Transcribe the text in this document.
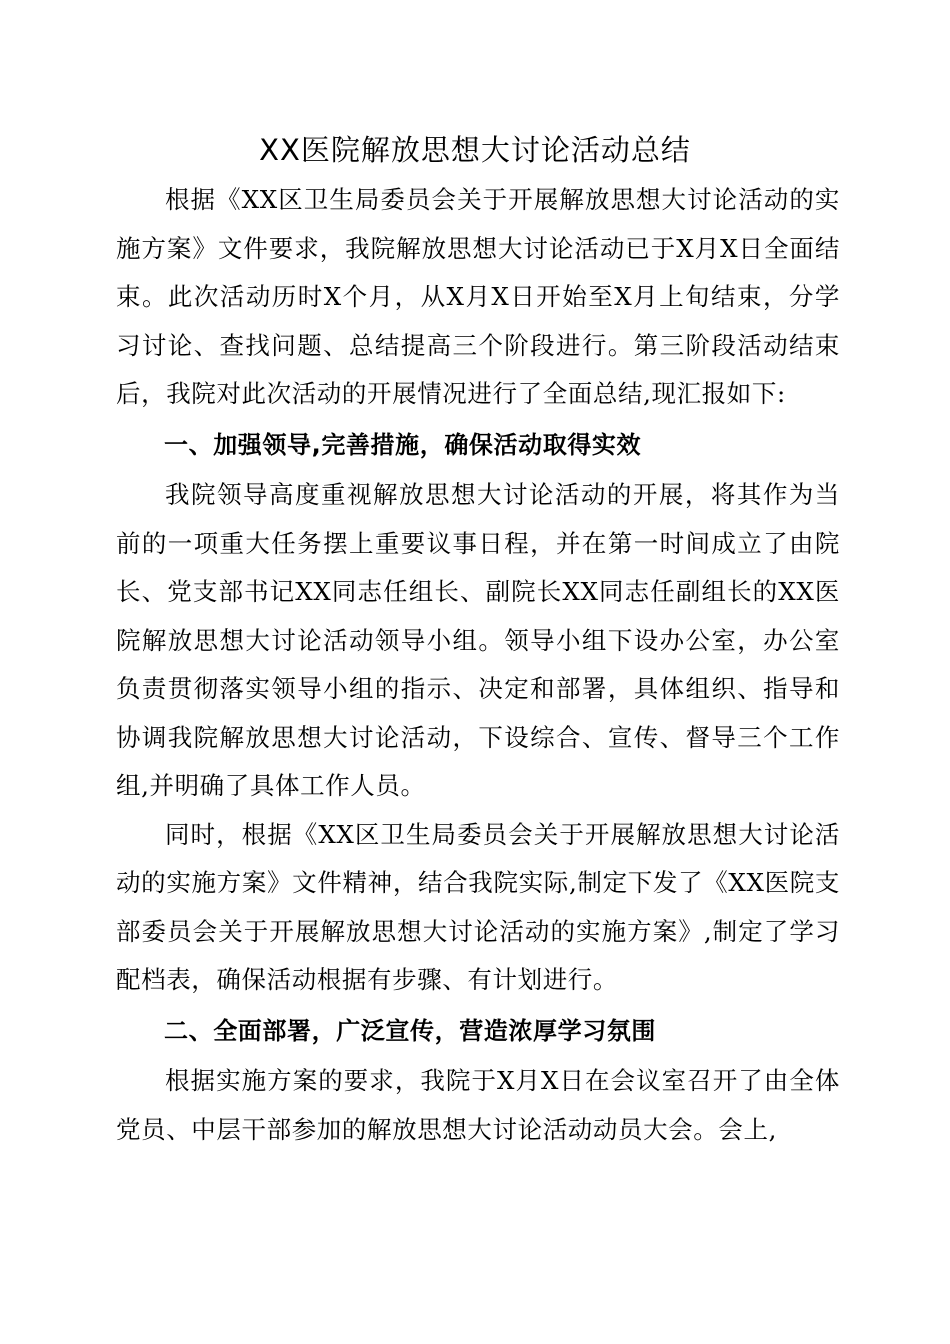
XX医院解放思想大讨论活动总结

根据《XX区卫生局委员会关于开展解放思想大讨论活动的实施方案》文件要求，我院解放思想大讨论活动已于X月X日全面结束。此次活动历时X个月，从X月X日开始至X月上旬结束，分学习讨论、查找问题、总结提高三个阶段进行。第三阶段活动结束后，我院对此次活动的开展情况进行了全面总结,现汇报如下:

一、加强领导,完善措施，确保活动取得实效

我院领导高度重视解放思想大讨论活动的开展，将其作为当前的一项重大任务摆上重要议事日程，并在第一时间成立了由院长、党支部书记XX同志任组长、副院长XX同志任副组长的XX医院解放思想大讨论活动领导小组。领导小组下设办公室，办公室负责贯彻落实领导小组的指示、决定和部署，具体组织、指导和协调我院解放思想大讨论活动，下设综合、宣传、督导三个工作组,并明确了具体工作人员。

同时，根据《XX区卫生局委员会关于开展解放思想大讨论活动的实施方案》文件精神，结合我院实际,制定下发了《XX医院支部委员会关于开展解放思想大讨论活动的实施方案》,制定了学习配档表，确保活动根据有步骤、有计划进行。

二、全面部署，广泛宣传，营造浓厚学习氛围

根据实施方案的要求，我院于X月X日在会议室召开了由全体党员、中层干部参加的解放思想大讨论活动动员大会。会上,
